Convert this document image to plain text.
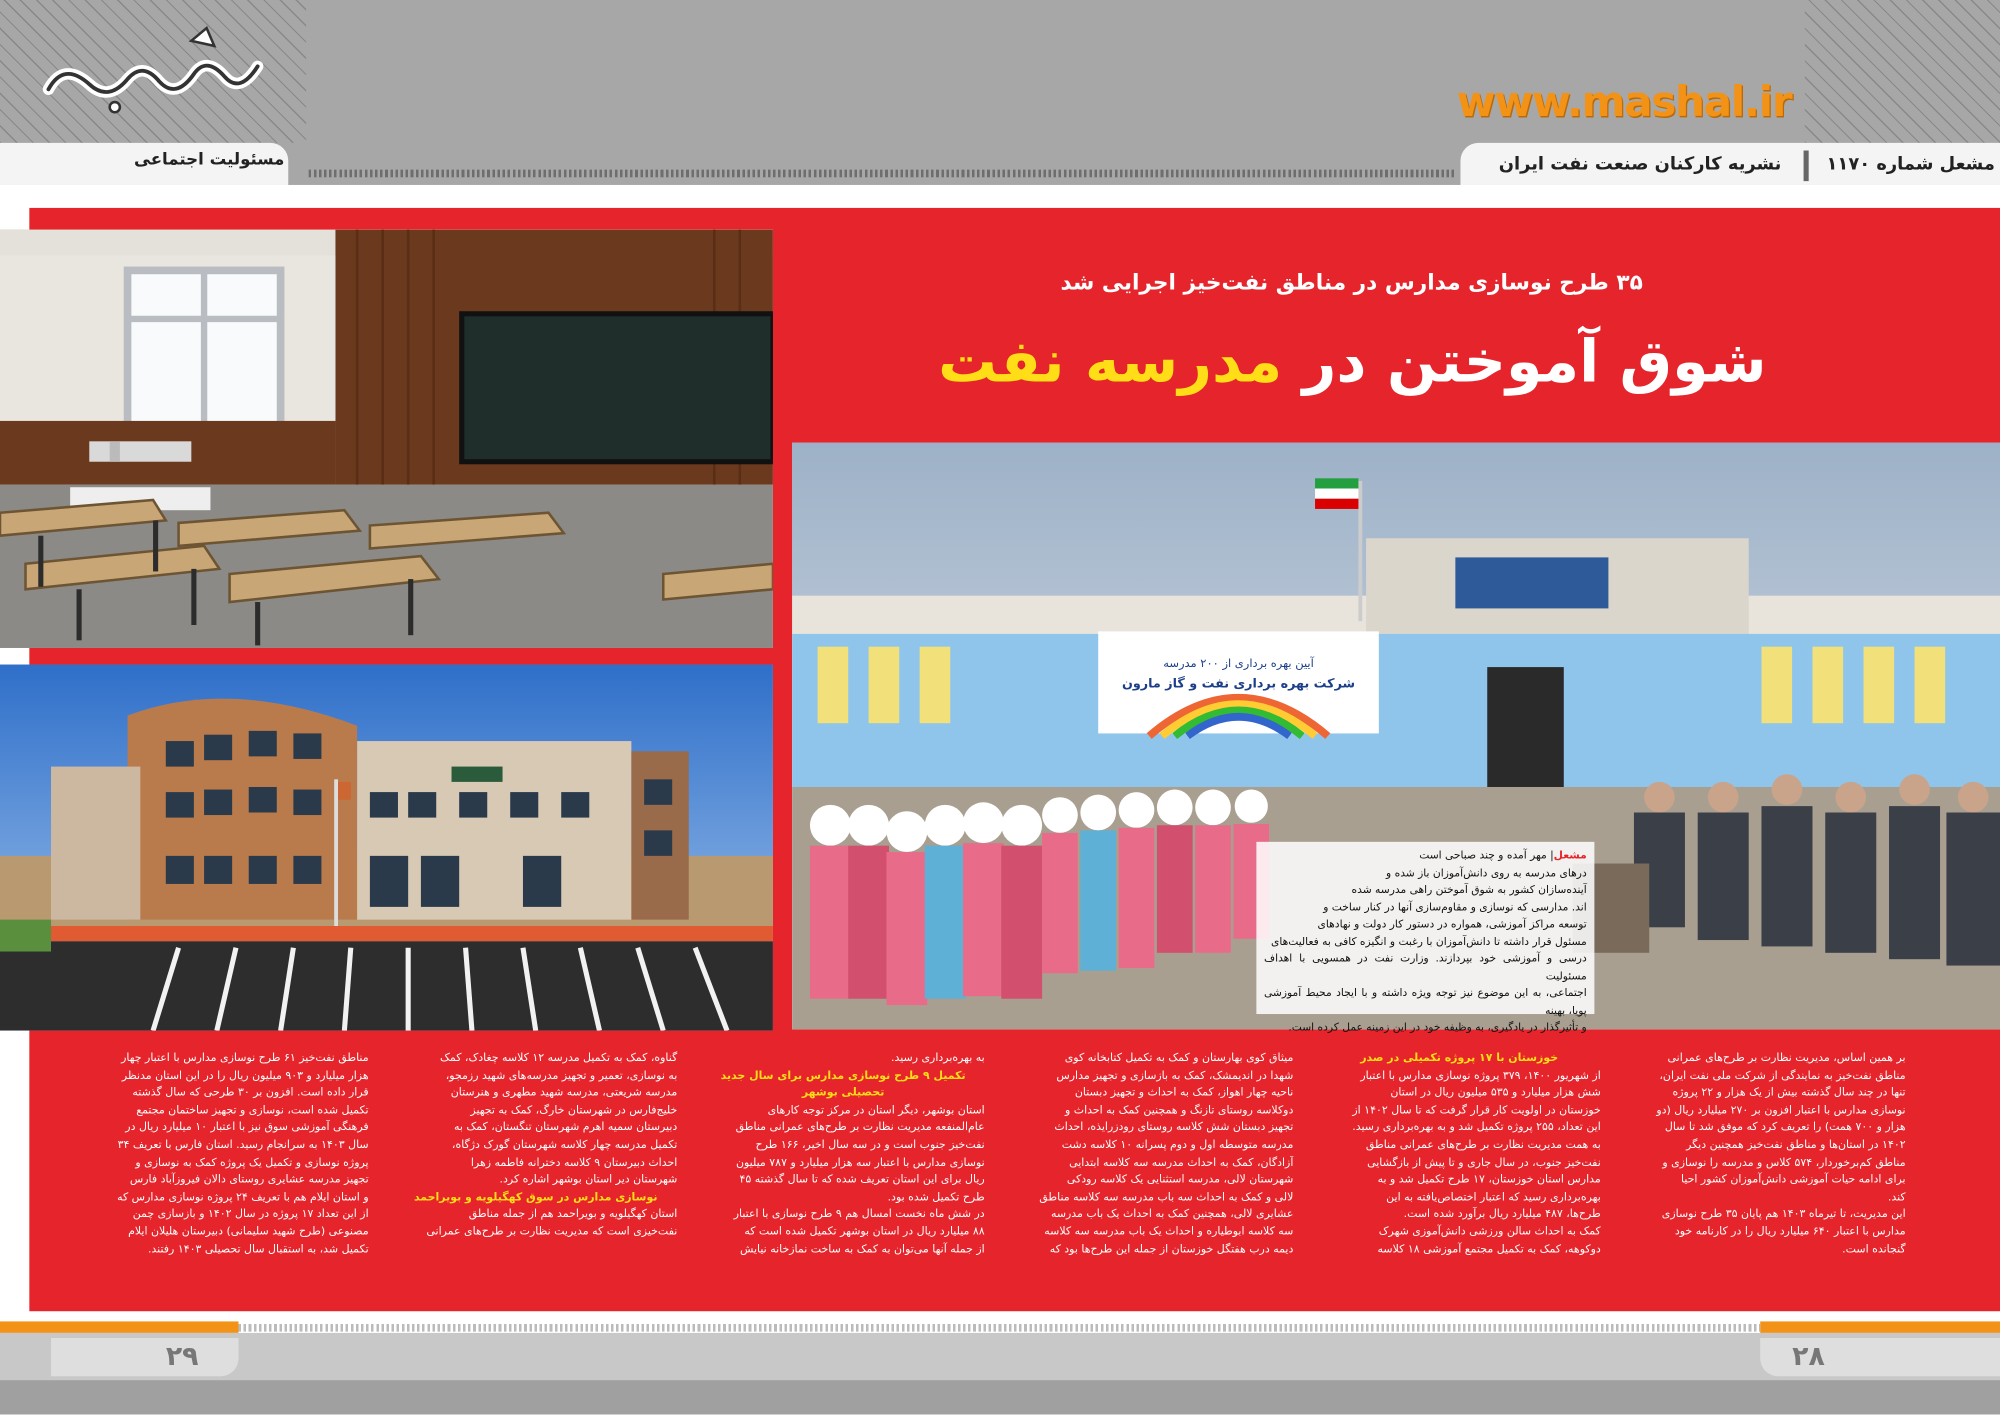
مسئولیت اجتماعی	نشریه کارکنان صنعت نفت ایران	مشعل شماره ۱۱۷۰
www.mashal.ir
۳۵ طرح نوسازی مدارس در مناطق نفت‌خیز اجرایی شد
شوق آموختن در مدرسه نفت
آیین بهره برداری از ۲۰۰ مدرسه
شرکت بهره برداری نفت و گاز مارون
مشعل| مهر آمده و چند صباحی است
درهای مدرسه به روی دانش‌آموزان باز شده و
آینده‌سازان کشور به شوق آموختن راهی مدرسه شده
اند. مدارسی که نوسازی و مقاوم‌سازی آنها در کنار ساخت و
توسعه مراکز آموزشی، همواره در دستور کار دولت و نهادهای
مسئول قرار داشته تا دانش‌آموزان با رغبت و انگیزه کافی به فعالیت‌های
درسی و آموزشی خود بپردازند. وزارت نفت در همسویی با اهداف مسئولیت
اجتماعی، به این موضوع نیز توجه ویژه داشته و با ایجاد محیط آموزشی پویا، بهینه
و تأثیرگذار در یادگیری، به وظیفه خود در این زمینه عمل کرده است.
بر همین اساس، مدیریت نظارت بر طرح‌های عمرانی
مناطق نفت‌خیز به نمایندگی از شرکت ملی نفت ایران،
تنها در چند سال گذشته بیش از یک هزار و ۲۲ پروژه
نوسازی مدارس با اعتبار افزون بر ۲۷۰ میلیارد ریال (دو
هزار و ۷۰۰ همت) را تعریف کرد که موفق شد تا سال
۱۴۰۲ در استان‌ها و مناطق نفت‌خیز همچنین دیگر
مناطق کم‌برخوردار، ۵۷۴ کلاس و مدرسه را نوسازی و
برای ادامه حیات آموزشی دانش‌آموزان کشور احیا
کند.
این مدیریت، تا تیرماه ۱۴۰۳ هم پایان ۳۵ طرح نوسازی
مدارس با اعتبار ۶۴۰ میلیارد ریال را در کارنامه خود
گنجانده است.
خوزستان با ۱۷ پروژه تکمیلی در صدر
از شهریور ۱۴۰۰، ۳۷۹ پروژه نوسازی مدارس با اعتبار
شش هزار میلیارد و ۵۳۵ میلیون ریال در استان
خوزستان در اولویت کار قرار گرفت که تا سال ۱۴۰۲ از
این تعداد، ۲۵۵ پروژه تکمیل شد و به بهره‌برداری رسید.
به همت مدیریت نظارت بر طرح‌های عمرانی مناطق
نفت‌خیز جنوب، در سال جاری و تا پیش از بازگشایی
مدارس استان خوزستان، ۱۷ طرح تکمیل شد و به
بهره‌برداری رسید که اعتبار اختصاص‌یافته به این
طرح‌ها، ۴۸۷ میلیارد ریال برآورد شده است.
کمک به احداث سالن ورزشی دانش‌آموزی شهرک
دوکوهه، کمک به تکمیل مجتمع آموزشی ۱۸ کلاسه
میثاق کوی بهارستان و کمک به تکمیل کتابخانه کوی
شهدا در اندیمشک، کمک به بازسازی و تجهیز مدارس
ناحیه چهار اهواز، کمک به احداث و تجهیز دبستان
دوکلاسه روستای تازنگ و همچنین کمک به احداث و
تجهیز دبستان شش کلاسه روستای رودزرایذه، احداث
مدرسه متوسطه اول و دوم پسرانه ۱۰ کلاسه دشت
آزادگان، کمک به احداث مدرسه سه کلاسه ابتدایی
شهرستان لالی، مدرسه استثنایی یک کلاسه رودکی
لالی و کمک به احداث سه باب مدرسه سه کلاسه مناطق
عشایری لالی، همچنین کمک به احداث یک باب مدرسه
سه کلاسه ابوطیاره و احداث یک باب مدرسه سه کلاسه
دیمه درب هفتگل خوزستان از جمله این طرح‌ها بود که
به بهره‌برداری رسید.
تکمیل ۹ طرح نوسازی مدارس برای سال جدید تحصیلی بوشهر
استان بوشهر، دیگر استان در مرکز توجه کارهای
عام‌المنفعه مدیریت نظارت بر طرح‌های عمرانی مناطق
نفت‌خیز جنوب است و در سه سال اخیر، ۱۶۶ طرح
نوسازی مدارس با اعتبار سه هزار میلیارد و ۷۸۷ میلیون
ریال برای این استان تعریف شده که تا سال گذشته ۴۵
طرح تکمیل شده بود.
در شش ماه نخست امسال هم ۹ طرح نوسازی با اعتبار
۸۸ میلیارد ریال در استان بوشهر تکمیل شده است که
از جمله آنها می‌توان به کمک به ساخت نمازخانه نیایش
گناوه، کمک به تکمیل مدرسه ۱۲ کلاسه چغادک، کمک
به نوسازی، تعمیر و تجهیز مدرسه‌های شهید رزمجو،
مدرسه شریعتی، مدرسه شهید مطهری و هنرستان
خلیج‌فارس در شهرستان خارگ، کمک به تجهیز
دبیرستان سمیه اهرم شهرستان تنگستان، کمک به
تکمیل مدرسه چهار کلاسه شهرستان گورک دژگاه،
احداث دبیرستان ۹ کلاسه دخترانه فاطمه زهرا
شهرستان دیر استان بوشهر اشاره کرد.
نوسازی مدارس در سوق کهگیلویه و بویراحمد
استان کهگیلویه و بویراحمد هم از جمله مناطق
نفت‌خیزی است که مدیریت نظارت بر طرح‌های عمرانی
مناطق نفت‌خیز ۶۱ طرح نوسازی مدارس با اعتبار چهار
هزار میلیارد و ۹۰۳ میلیون ریال را در این استان مدنظر
قرار داده است. افزون بر ۳۰ طرحی که سال گذشته
تکمیل شده است، نوسازی و تجهیز ساختمان مجتمع
فرهنگی آموزشی سوق نیز با اعتبار ۱۰ میلیارد ریال در
سال ۱۴۰۳ به سرانجام رسید. استان فارس با تعریف ۳۴
پروژه نوسازی و تکمیل یک پروژه کمک به نوسازی و
تجهیز مدرسه عشایری روستای دالان فیروزآباد فارس
و استان ایلام هم با تعریف ۲۴ پروژه نوسازی مدارس که
از این تعداد ۱۷ پروژه در سال ۱۴۰۲ و بازسازی چمن
مصنوعی (طرح شهید سلیمانی) دبیرستان هلیلان ایلام
تکمیل شد، به استقبال سال تحصیلی ۱۴۰۳ رفتند.
۲۹	۲۸
